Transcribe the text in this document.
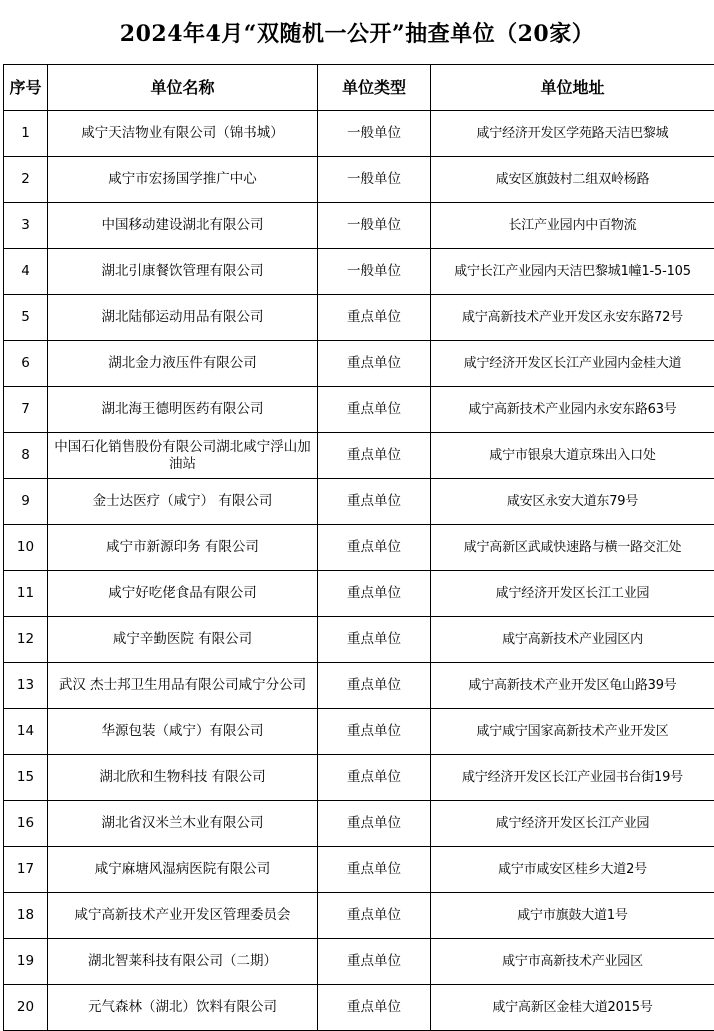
2024年4月“双随机一公开”抽查单位（20家）
序号	单位名称	单位类型	单位地址
1	咸宁天洁物业有限公司（锦书城）	一般单位	咸宁经济开发区学苑路天洁巴黎城
2	咸宁市宏扬国学推广中心	一般单位	咸安区旗鼓村二组双岭杨路
3	中国移动建设湖北有限公司	一般单位	长江产业园内中百物流
4	湖北引康餐饮管理有限公司	一般单位	咸宁长江产业园内天洁巴黎城1幢1-5-105
5	湖北陆郁运动用品有限公司	重点单位	咸宁高新技术产业开发区永安东路72号
6	湖北金力液压件有限公司	重点单位	咸宁经济开发区长江产业园内金桂大道
7	湖北海王德明医药有限公司	重点单位	咸宁高新技术产业园内永安东路63号
8	中国石化销售股份有限公司湖北咸宁浮山加油站	重点单位	咸宁市银泉大道京珠出入口处
9	金士达医疗（咸宁） 有限公司	重点单位	咸安区永安大道东79号
10	咸宁市新源印务 有限公司	重点单位	咸宁高新区武咸快速路与横一路交汇处
11	咸宁好吃佬食品有限公司	重点单位	咸宁经济开发区长江工业园
12	咸宁辛勤医院 有限公司	重点单位	咸宁高新技术产业园区内
13	武汉 杰士邦卫生用品有限公司咸宁分公司	重点单位	咸宁高新技术产业开发区龟山路39号
14	华源包装（咸宁）有限公司	重点单位	咸宁咸宁国家高新技术产业开发区
15	湖北欣和生物科技 有限公司	重点单位	咸宁经济开发区长江产业园书台街19号
16	湖北省汉米兰木业有限公司	重点单位	咸宁经济开发区长江产业园
17	咸宁麻塘风湿病医院有限公司	重点单位	咸宁市咸安区桂乡大道2号
18	咸宁高新技术产业开发区管理委员会	重点单位	咸宁市旗鼓大道1号
19	湖北智莱科技有限公司（二期）	重点单位	咸宁市高新技术产业园区
20	元气森林（湖北）饮料有限公司	重点单位	咸宁高新区金桂大道2015号
